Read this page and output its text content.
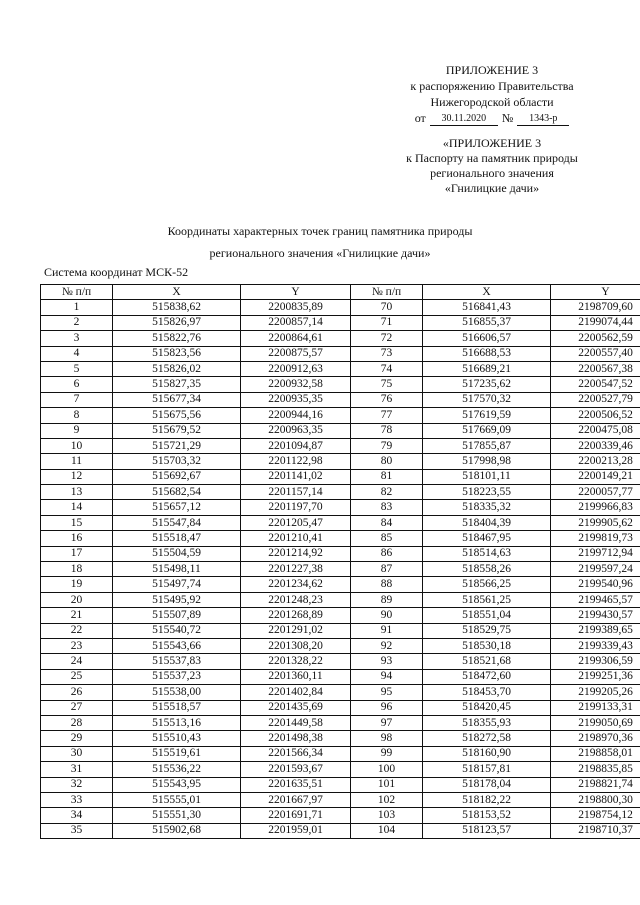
ПРИЛОЖЕНИЕ 3
к распоряжению Правительства
Нижегородской области
от	30.11.2020	№	1343-р
«ПРИЛОЖЕНИЕ 3
к Паспорту на памятник природы
регионального значения
«Гнилицкие дачи»
Координаты характерных точек границ памятника природы
регионального значения «Гнилицкие дачи»
Система координат МСК-52
№ п/п	X	Y	№ п/п	X	Y
1	515838,62	2200835,89	70	516841,43	2198709,60
2	515826,97	2200857,14	71	516855,37	2199074,44
3	515822,76	2200864,61	72	516606,57	2200562,59
4	515823,56	2200875,57	73	516688,53	2200557,40
5	515826,02	2200912,63	74	516689,21	2200567,38
6	515827,35	2200932,58	75	517235,62	2200547,52
7	515677,34	2200935,35	76	517570,32	2200527,79
8	515675,56	2200944,16	77	517619,59	2200506,52
9	515679,52	2200963,35	78	517669,09	2200475,08
10	515721,29	2201094,87	79	517855,87	2200339,46
11	515703,32	2201122,98	80	517998,98	2200213,28
12	515692,67	2201141,02	81	518101,11	2200149,21
13	515682,54	2201157,14	82	518223,55	2200057,77
14	515657,12	2201197,70	83	518335,32	2199966,83
15	515547,84	2201205,47	84	518404,39	2199905,62
16	515518,47	2201210,41	85	518467,95	2199819,73
17	515504,59	2201214,92	86	518514,63	2199712,94
18	515498,11	2201227,38	87	518558,26	2199597,24
19	515497,74	2201234,62	88	518566,25	2199540,96
20	515495,92	2201248,23	89	518561,25	2199465,57
21	515507,89	2201268,89	90	518551,04	2199430,57
22	515540,72	2201291,02	91	518529,75	2199389,65
23	515543,66	2201308,20	92	518530,18	2199339,43
24	515537,83	2201328,22	93	518521,68	2199306,59
25	515537,23	2201360,11	94	518472,60	2199251,36
26	515538,00	2201402,84	95	518453,70	2199205,26
27	515518,57	2201435,69	96	518420,45	2199133,31
28	515513,16	2201449,58	97	518355,93	2199050,69
29	515510,43	2201498,38	98	518272,58	2198970,36
30	515519,61	2201566,34	99	518160,90	2198858,01
31	515536,22	2201593,67	100	518157,81	2198835,85
32	515543,95	2201635,51	101	518178,04	2198821,74
33	515555,01	2201667,97	102	518182,22	2198800,30
34	515551,30	2201691,71	103	518153,52	2198754,12
35	515902,68	2201959,01	104	518123,57	2198710,37
